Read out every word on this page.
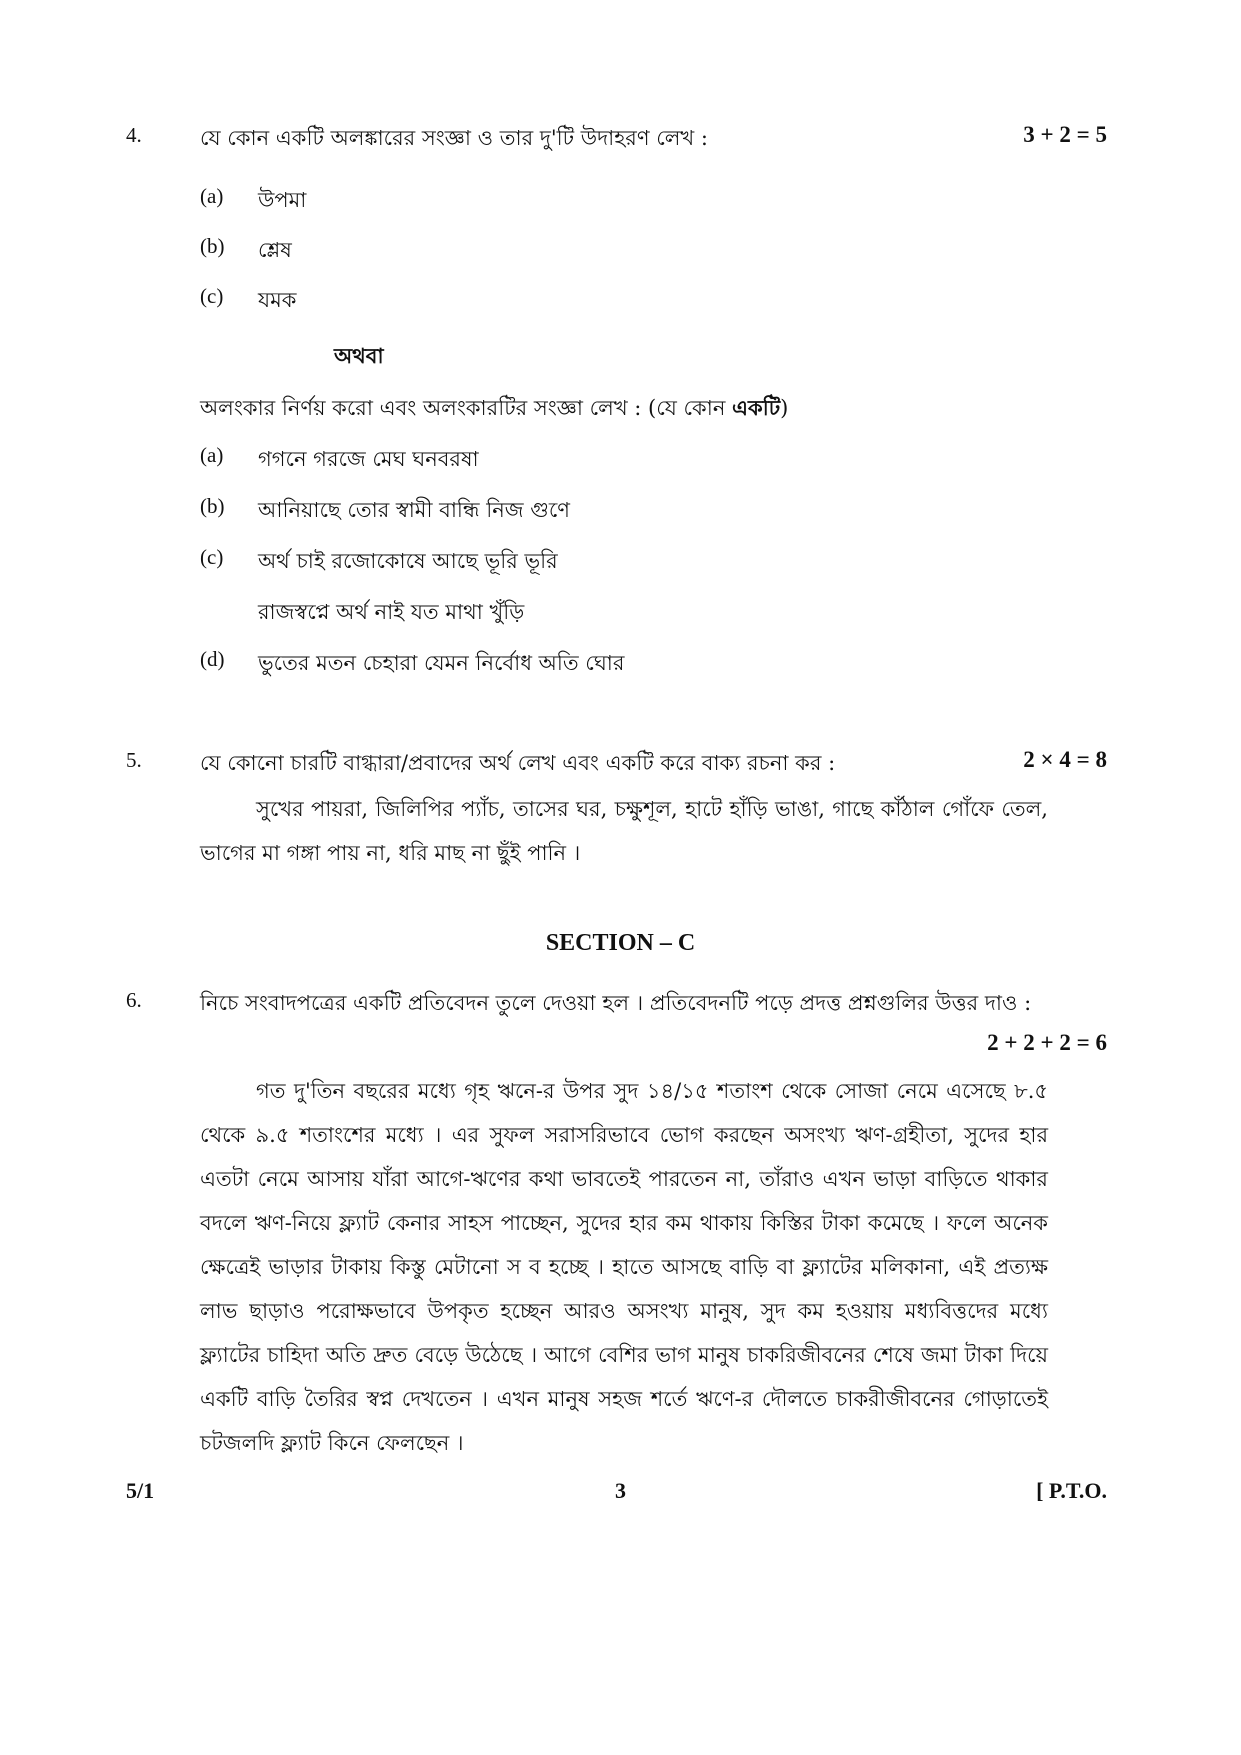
4.	যে কোন একটি অলঙ্কারের সংজ্ঞা ও তার দু'টি উদাহরণ লেখ :	3 + 2 = 5
(a) উপমা
(b) শ্লেষ
(c) যমক
অথবা
অলংকার নির্ণয় করো এবং অলংকারটির সংজ্ঞা লেখ : (যে কোন একটি)
(a) গগনে গরজে মেঘ ঘনবরষা
(b) আনিয়াছে তোর স্বামী বান্ধি নিজ গুণে
(c) অর্থ চাই রজোকোষে আছে ভূরি ভূরি
রাজস্বপ্নে অর্থ নাই যত মাথা খুঁড়ি
(d) ভুতের মতন চেহারা যেমন নির্বোধ অতি ঘোর
5.	যে কোনো চারটি বাগ্ধারা/প্রবাদের অর্থ লেখ এবং একটি করে বাক্য রচনা কর :	2 × 4 = 8
সুখের পায়রা, জিলিপির প্যাঁচ, তাসের ঘর, চক্ষুশূল, হাটে হাঁড়ি ভাঙা, গাছে কাঁঠাল গোঁফে তেল, ভাগের মা গঙ্গা পায় না, ধরি মাছ না ছুঁই পানি ।
SECTION – C
6.	নিচে সংবাদপত্রের একটি প্রতিবেদন তুলে দেওয়া হল । প্রতিবেদনটি পড়ে প্রদত্ত প্রশ্নগুলির উত্তর দাও :
2 + 2 + 2 = 6
গত দু'তিন বছরের মধ্যে গৃহ ঋনে-র উপর সুদ ১৪/১৫ শতাংশ থেকে সোজা নেমে এসেছে ৮.৫ থেকে ৯.৫ শতাংশের মধ্যে । এর সুফল সরাসরিভাবে ভোগ করছেন অসংখ্য ঋণ-গ্রহীতা, সুদের হার এতটা নেমে আসায় যাঁরা আগে-ঋণের কথা ভাবতেই পারতেন না, তাঁরাও এখন ভাড়া বাড়িতে থাকার বদলে ঋণ-নিয়ে ফ্ল্যাট কেনার সাহস পাচ্ছেন, সুদের হার কম থাকায় কিস্তির টাকা কমেছে । ফলে অনেক ক্ষেত্রেই ভাড়ার টাকায় কিস্তু মেটানো স ব হচ্ছে । হাতে আসছে বাড়ি বা ফ্ল্যাটের মলিকানা, এই প্রত্যক্ষ লাভ ছাড়াও পরোক্ষভাবে উপকৃত হচ্ছেন আরও অসংখ্য মানুষ, সুদ কম হওয়ায় মধ্যবিত্তদের মধ্যে ফ্ল্যাটের চাহিদা অতি দ্রুত বেড়ে উঠেছে । আগে বেশির ভাগ মানুষ চাকরিজীবনের শেষে জমা টাকা দিয়ে একটি বাড়ি তৈরির স্বপ্ন দেখতেন । এখন মানুষ সহজ শর্তে ঋণে-র দৌলতে চাকরীজীবনের গোড়াতেই চটজলদি ফ্ল্যাট কিনে ফেলছেন ।
5/1	3	[ P.T.O.
